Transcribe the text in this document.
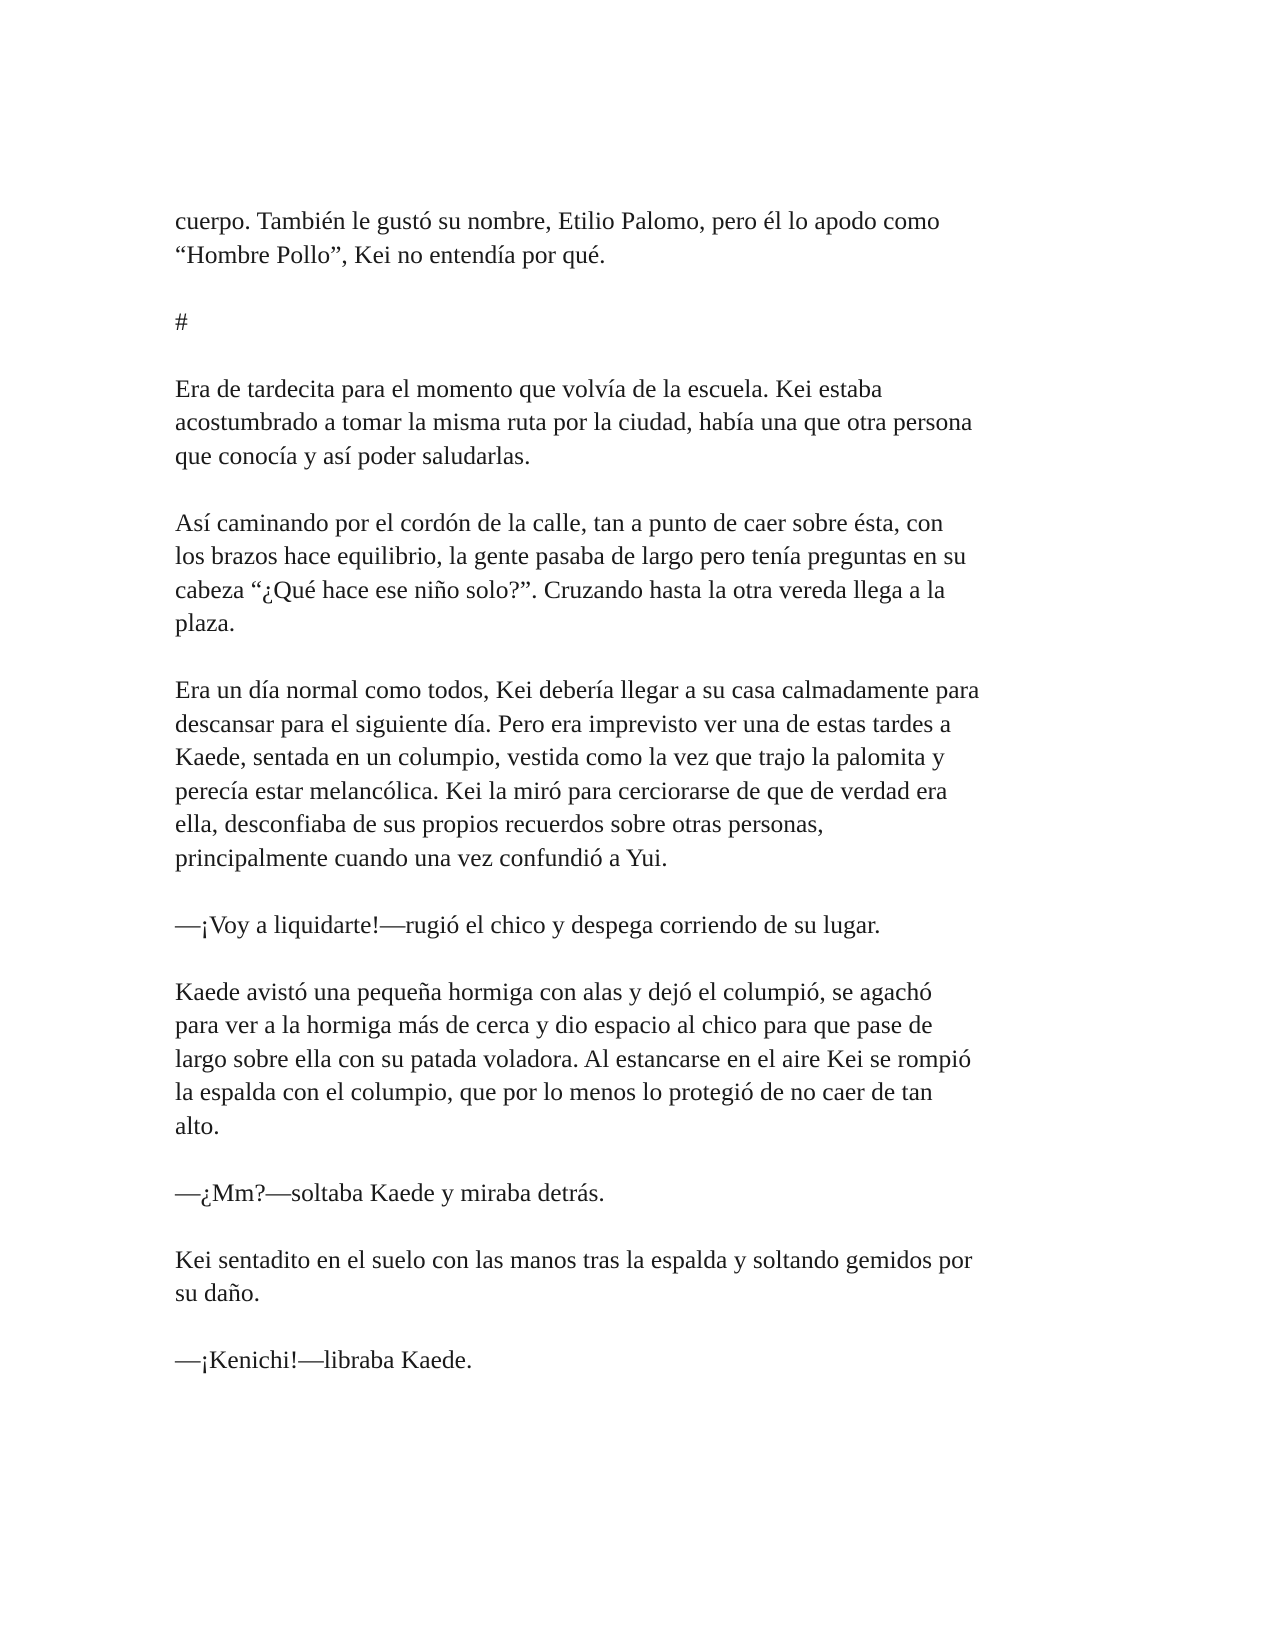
cuerpo. También le gustó su nombre, Etilio Palomo, pero él lo apodo como
“Hombre Pollo”, Kei no entendía por qué.
#
Era de tardecita para el momento que volvía de la escuela. Kei estaba
acostumbrado a tomar la misma ruta por la ciudad, había una que otra persona
que conocía y así poder saludarlas.
Así caminando por el cordón de la calle, tan a punto de caer sobre ésta, con
los brazos hace equilibrio, la gente pasaba de largo pero tenía preguntas en su
cabeza “¿Qué hace ese niño solo?”. Cruzando hasta la otra vereda llega a la
plaza.
Era un día normal como todos, Kei debería llegar a su casa calmadamente para
descansar para el siguiente día. Pero era imprevisto ver una de estas tardes a
Kaede, sentada en un columpio, vestida como la vez que trajo la palomita y
perecía estar melancólica. Kei la miró para cerciorarse de que de verdad era
ella, desconfiaba de sus propios recuerdos sobre otras personas,
principalmente cuando una vez confundió a Yui.
—¡Voy a liquidarte!—rugió el chico y despega corriendo de su lugar.
Kaede avistó una pequeña hormiga con alas y dejó el columpió, se agachó
para ver a la hormiga más de cerca y dio espacio al chico para que pase de
largo sobre ella con su patada voladora. Al estancarse en el aire Kei se rompió
la espalda con el columpio, que por lo menos lo protegió de no caer de tan
alto.
—¿Mm?—soltaba Kaede y miraba detrás.
Kei sentadito en el suelo con las manos tras la espalda y soltando gemidos por
su daño.
—¡Kenichi!—libraba Kaede.
